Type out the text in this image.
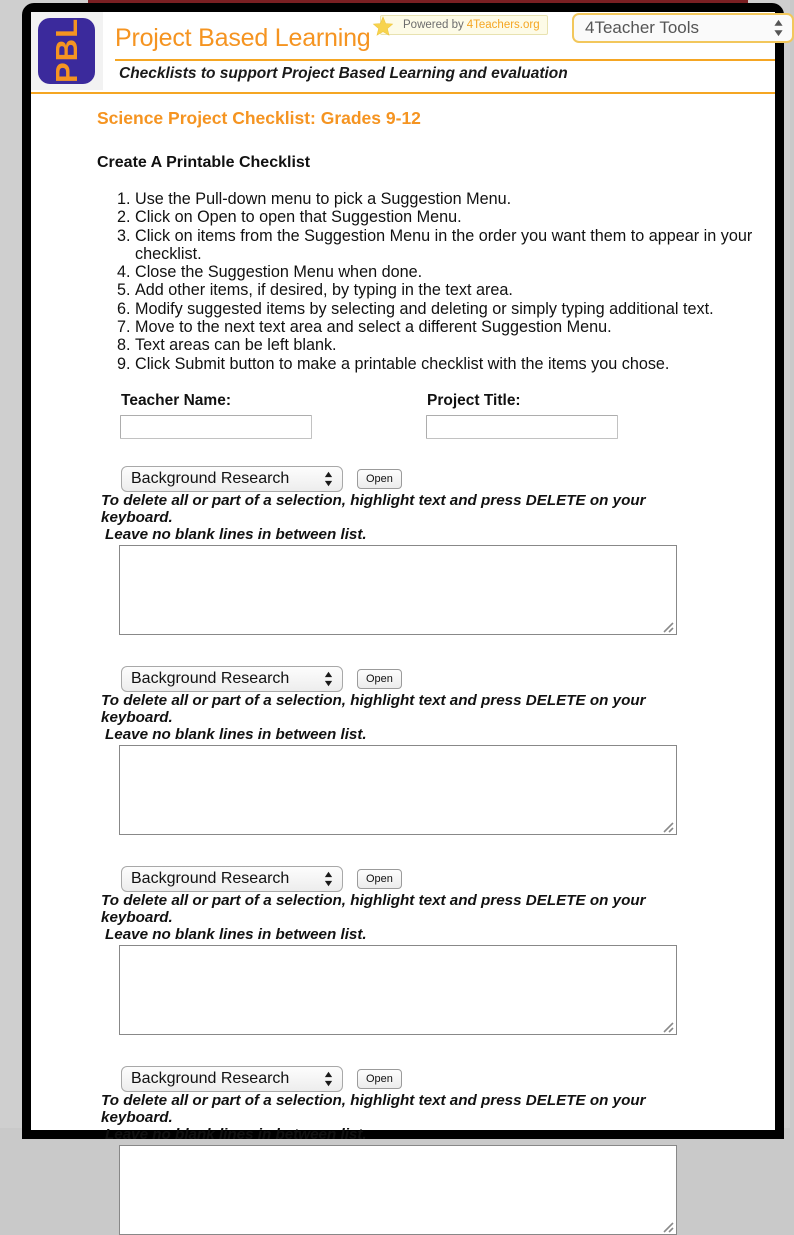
PBL	Project Based Learning
Checklists to support Project Based Learning and evaluation
Powered by 4Teachers.org	4Teacher Tools
Science Project Checklist: Grades 9-12
Create A Printable Checklist
1. Use the Pull-down menu to pick a Suggestion Menu.
2. Click on Open to open that Suggestion Menu.
3. Click on items from the Suggestion Menu in the order you want them to appear in your checklist.
4. Close the Suggestion Menu when done.
5. Add other items, if desired, by typing in the text area.
6. Modify suggested items by selecting and deleting or simply typing additional text.
7. Move to the next text area and select a different Suggestion Menu.
8. Text areas can be left blank.
9. Click Submit button to make a printable checklist with the items you chose.
Teacher Name:	Project Title:
Background Research	Open

To delete all or part of a selection, highlight text and press DELETE on your keyboard.

Leave no blank lines in between list.

Background Research	Open

To delete all or part of a selection, highlight text and press DELETE on your keyboard.

Leave no blank lines in between list.

Background Research	Open

To delete all or part of a selection, highlight text and press DELETE on your keyboard.

Leave no blank lines in between list.

Background Research	Open

To delete all or part of a selection, highlight text and press DELETE on your keyboard.

Leave no blank lines in between list.
